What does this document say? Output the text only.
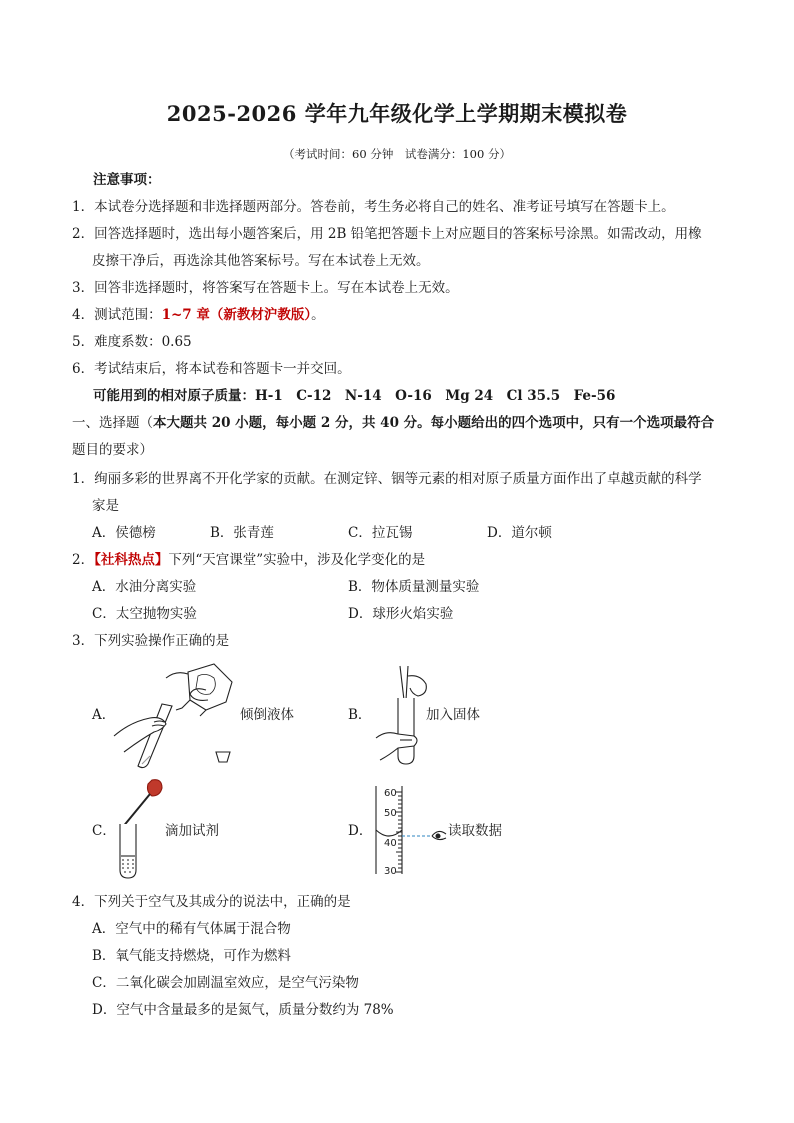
2025-2026 学年九年级化学上学期期末模拟卷
（考试时间：60 分钟　试卷满分：100 分）
注意事项：
1．本试卷分选择题和非选择题两部分。答卷前，考生务必将自己的姓名、准考证号填写在答题卡上。
2．回答选择题时，选出每小题答案后，用 2B 铅笔把答题卡上对应题目的答案标号涂黑。如需改动，用橡
皮擦干净后，再选涂其他答案标号。写在本试卷上无效。
3．回答非选择题时，将答案写在答题卡上。写在本试卷上无效。
4．测试范围：1~7 章（新教材沪教版）。
5．难度系数：0.65
6．考试结束后，将本试卷和答题卡一并交回。
可能用到的相对原子质量：H-1　C-12　N-14　O-16　Mg 24　Cl 35.5　Fe-56
一、选择题（本大题共 20 小题，每小题 2 分，共 40 分。每小题给出的四个选项中，只有一个选项最符合
题目的要求）
1．绚丽多彩的世界离不开化学家的贡献。在测定锌、铟等元素的相对原子质量方面作出了卓越贡献的科学
家是
A．侯德榜	B．张青莲	C．拉瓦锡	D．道尔顿
2．【社科热点】下列“天宫课堂”实验中，涉及化学变化的是
A．水油分离实验	B．物体质量测量实验
C．太空抛物实验	D．球形火焰实验
3．下列实验操作正确的是
A．	倾倒液体	B．	加入固体
C．	滴加试剂	D．	读取数据
60
50
40
30
4．下列关于空气及其成分的说法中，正确的是
A．空气中的稀有气体属于混合物
B．氧气能支持燃烧，可作为燃料
C．二氧化碳会加剧温室效应，是空气污染物
D．空气中含量最多的是氮气，质量分数约为 78%
